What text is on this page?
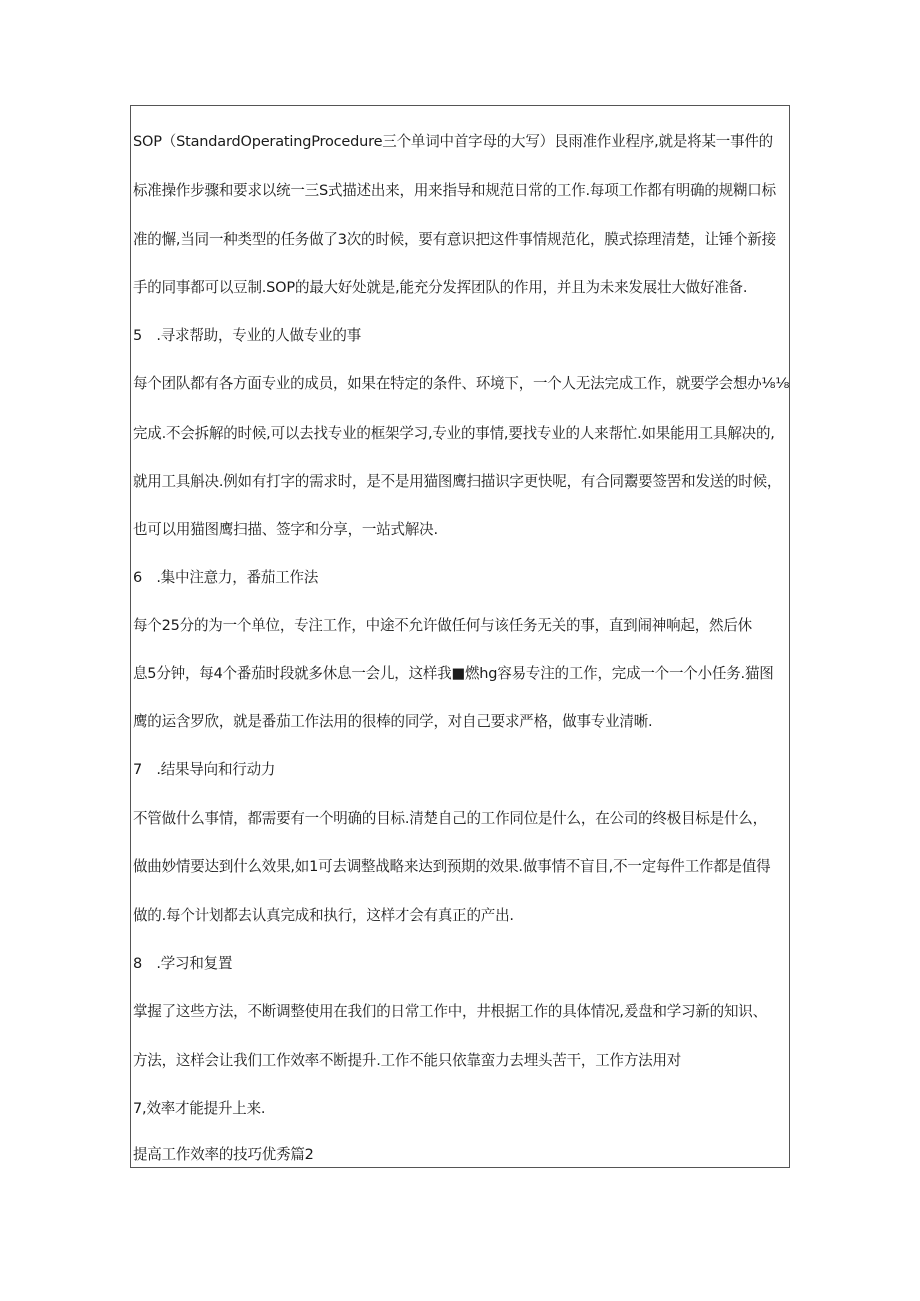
SOP（StandardOperatingProcedure三个单词中首字母的大写）艮雨准作业程序,就是将某一事件的
标准操作步骤和要求以统一三S式描述出来，用来指导和规范日常的工作.每项工作都有明确的规糊口标
准的懈,当同一种类型的任务做了3次的时候，要有意识把这件事情规范化，膜式捺理清楚，让锤个新接
手的同事都可以豆制.SOP的最大好处就是,能充分发挥团队的作用，并且为未来发展壮大做好准备.
5　.寻求帮助，专业的人做专业的事
每个团队都有各方面专业的成员，如果在特定的条件、环境下，一个人无法完成工作，就要学会想办⅛⅛
完成.不会拆解的时候,可以去找专业的框架学习,专业的事情,要找专业的人来帮忙.如果能用工具解决的,
就用工具斛决.例如有打字的需求时，是不是用猫图鹰扫描识字更快呢，有合同鬻要签罟和发送的时候，
也可以用猫图鹰扫描、签字和分享，一站式解决.
6　.集中注意力，番茄工作法
每个25分的为一个单位，专注工作，中途不允许做任何与该任务无关的事，直到闹神响起，然后休
息5分钟，每4个番茄时段就多休息一会儿，这样我■燃hg容易专注的工作，完成一个一个小任务.猫图
鹰的运含罗欣，就是番茄工作法用的很棒的同学，对自己要求严格，做事专业清晰.
7　.结果导向和行动力
不管做什么事情，都需要有一个明确的目标.清楚自己的工作同位是什么，在公司的终极目标是什么，
做曲妙情要达到什么效果,如1可去调整战略来达到预期的效果.做事情不盲目,不一定每件工作都是值得
做的.每个计划都去认真完成和执行，这样才会有真正的产出.
8　.学习和复置
掌握了这些方法，不断调整使用在我们的日常工作中，井根据工作的具体情况,爰盘和学习新的知识、
方法，这样会让我们工作效率不断提升.工作不能只依靠蛮力去埋头苦干，工作方法用对
7,效率才能提升上来.
提高工作效率的技巧优秀篇2
